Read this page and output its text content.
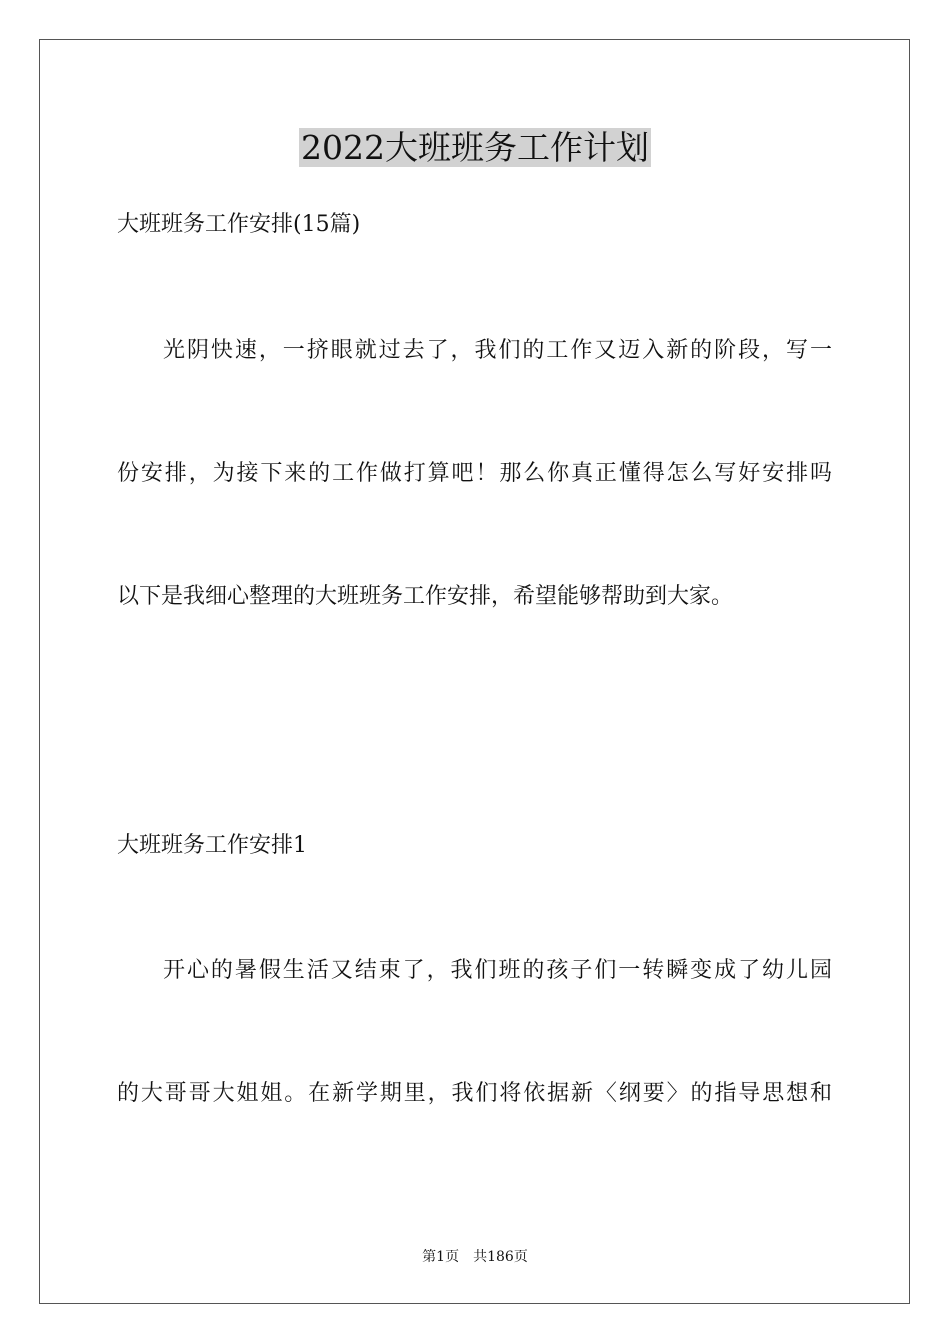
2022大班班务工作计划

大班班务工作安排(15篇)

光阴快速，一挤眼就过去了，我们的工作又迈入新的阶段，写一

份安排，为接下来的工作做打算吧！那么你真正懂得怎么写好安排吗

以下是我细心整理的大班班务工作安排，希望能够帮助到大家。

大班班务工作安排1

开心的暑假生活又结束了，我们班的孩子们一转瞬变成了幼儿园

的大哥哥大姐姐。在新学期里，我们将依据新〈纲要〉的指导思想和

第1页 共186页
